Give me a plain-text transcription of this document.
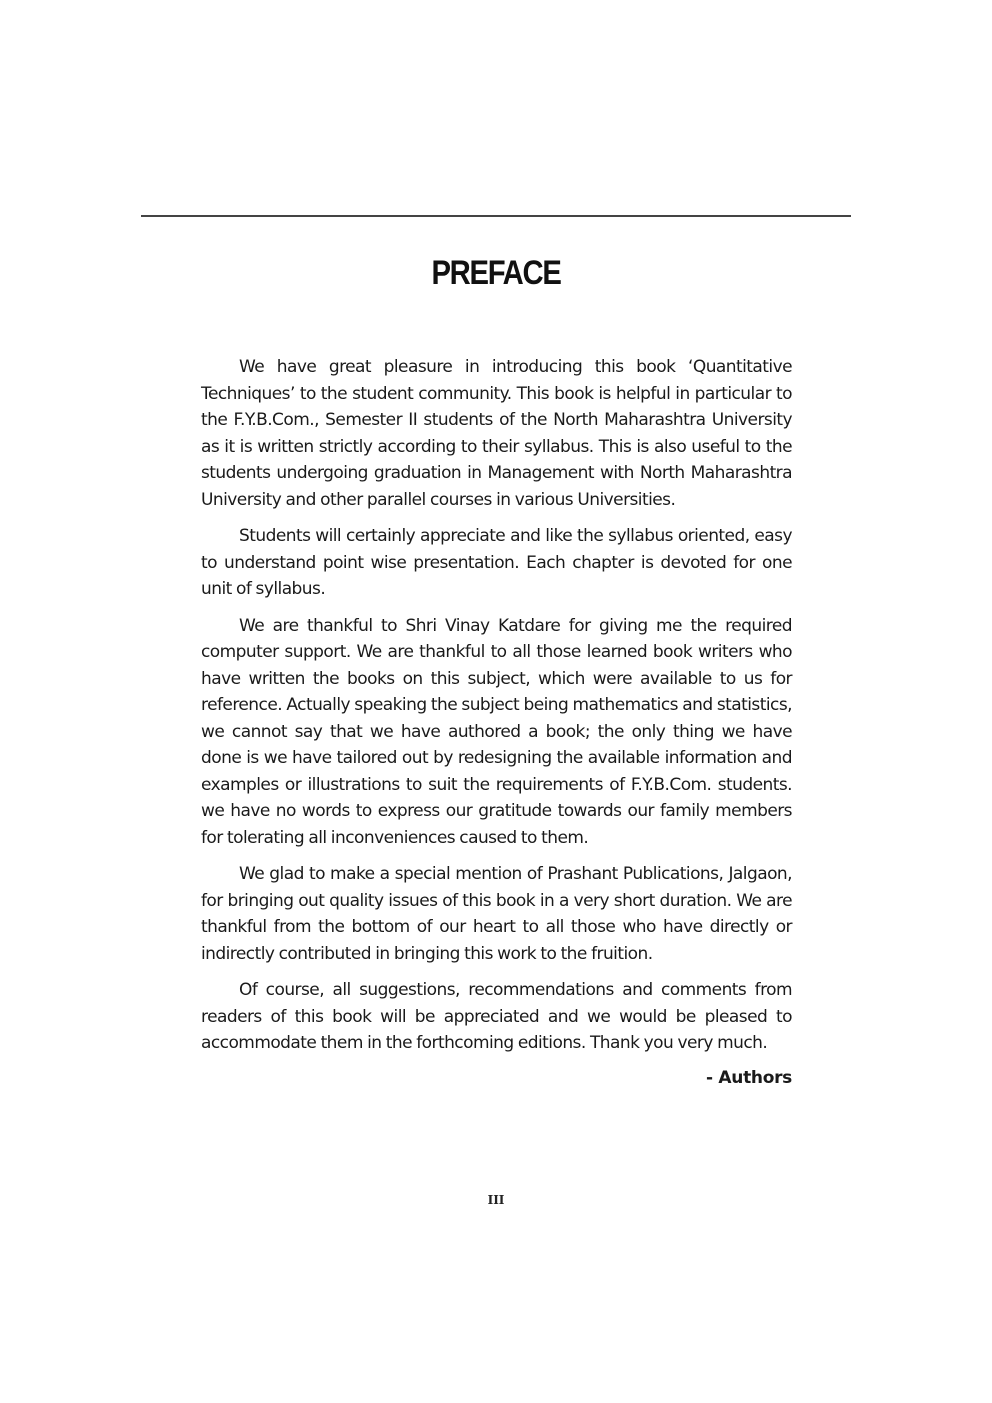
PREFACE

We have great pleasure in introducing this book ‘Quantitative Techniques’ to the student community. This book is helpful in particular to the F.Y.B.Com., Semester II students of the North Maharashtra University as it is written strictly according to their syllabus. This is also useful to the students undergoing graduation in Management with North Maharashtra University and other parallel courses in various Universities.

Students will certainly appreciate and like the syllabus oriented, easy to understand point wise presentation. Each chapter is devoted for one unit of syllabus.

We are thankful to Shri Vinay Katdare for giving me the required computer support. We are thankful to all those learned book writers who have written the books on this subject, which were available to us for reference. Actually speaking the subject being mathematics and statistics, we cannot say that we have authored a book; the only thing we have done is we have tailored out by redesigning the available information and examples or illustrations to suit the requirements of F.Y.B.Com. students. we have no words to express our gratitude towards our family members for tolerating all inconveniences caused to them.

We glad to make a special mention of Prashant Publications, Jalgaon, for bringing out quality issues of this book in a very short duration. We are thankful from the bottom of our heart to all those who have directly or indirectly contributed in bringing this work to the fruition.

Of course, all suggestions, recommendations and comments from readers of this book will be appreciated and we would be pleased to accommodate them in the forthcoming editions. Thank you very much.

- Authors
III
